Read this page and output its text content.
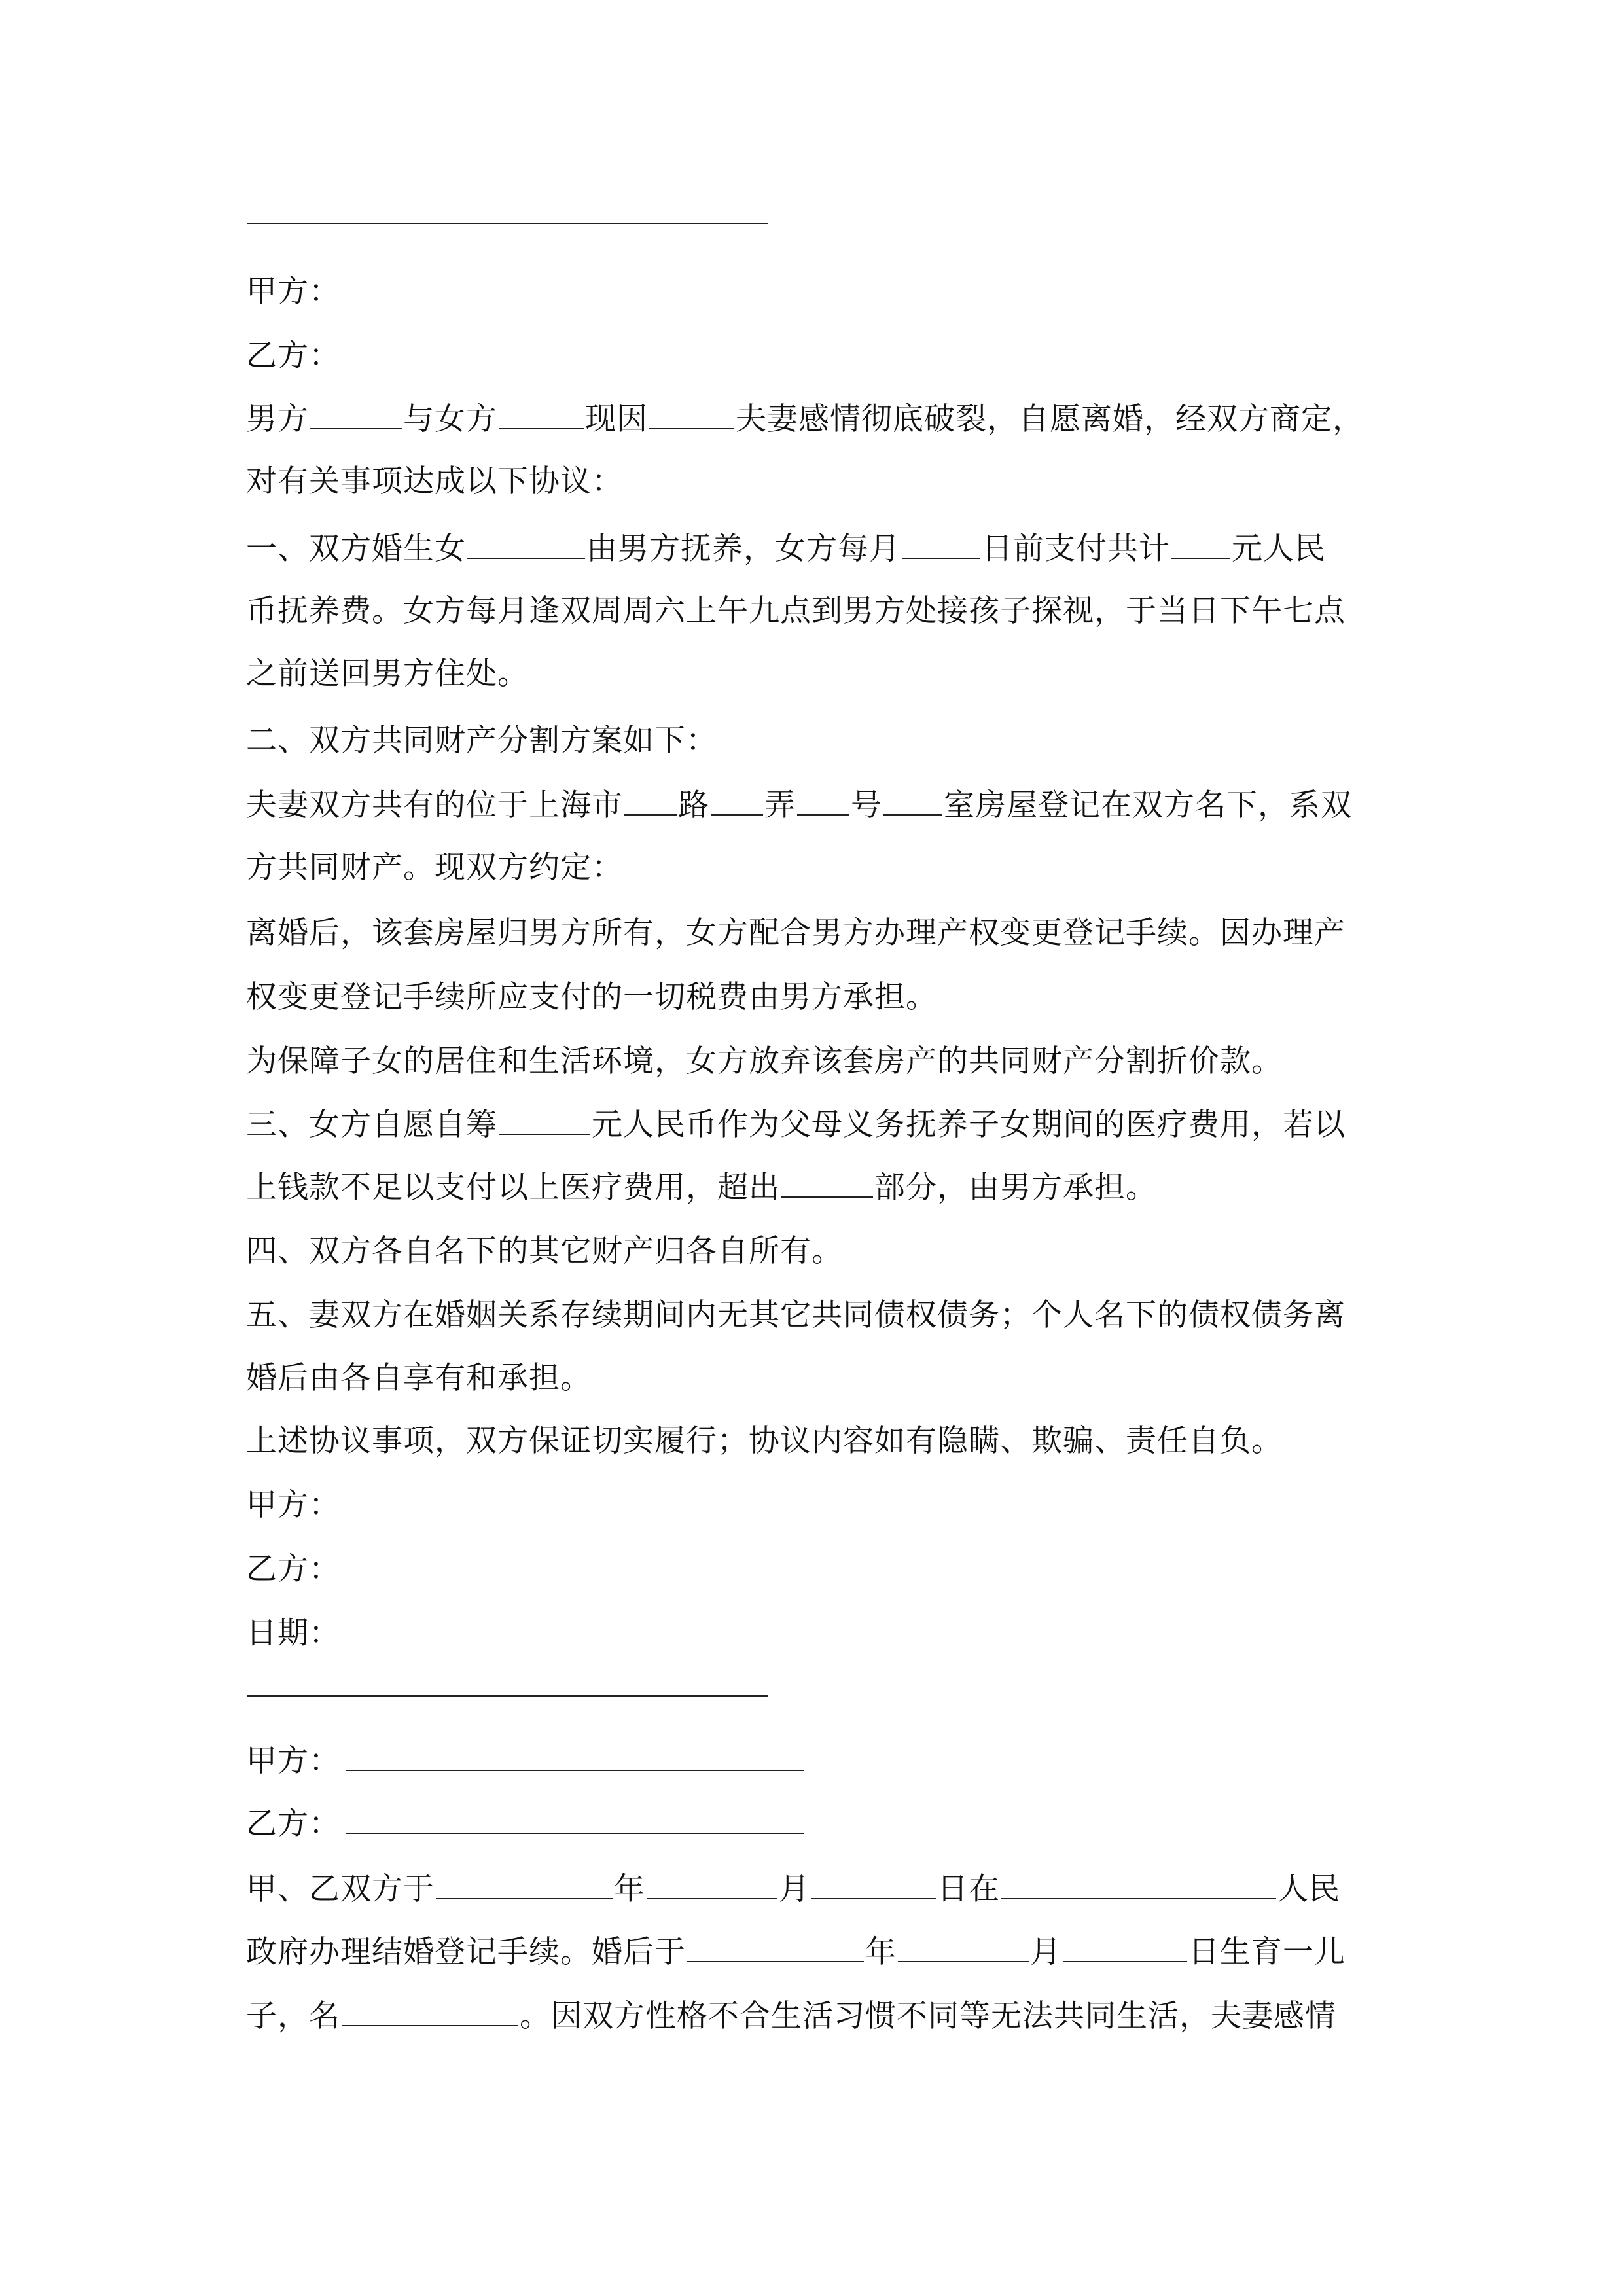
甲方：
乙方：
男方	与女方	现因	夫妻感情彻底破裂，自愿离婚，经双方商定，
对有关事项达成以下协议：
一、双方婚生女	由男方抚养，女方每月	日前支付共计 元人民
币抚养费。女方每月逢双周周六上午九点到男方处接孩子探视，于当日下午七点
之前送回男方住处。
二、双方共同财产分割方案如下：
夫妻双方共有的位于上海市 路 弄 号 室房屋登记在双方名下，系双
方共同财产。现双方约定：
离婚后，该套房屋归男方所有，女方配合男方办理产权变更登记手续。因办理产
权变更登记手续所应支付的一切税费由男方承担。
为保障子女的居住和生活环境，女方放弃该套房产的共同财产分割折价款。
三、女方自愿自筹	元人民币作为父母义务抚养子女期间的医疗费用，若以
上钱款不足以支付以上医疗费用，超出	部分，由男方承担。
四、双方各自名下的其它财产归各自所有。
五、妻双方在婚姻关系存续期间内无其它共同债权债务；个人名下的债权债务离
婚后由各自享有和承担。
上述协议事项，双方保证切实履行；协议内容如有隐瞒、欺骗、责任自负。
甲方：
乙方：
日期：
甲方：
乙方：
甲、乙双方于	年	月	日在	人民
政府办理结婚登记手续。婚后于	年	月	日生育一儿
子，名	。因双方性格不合生活习惯不同等无法共同生活，夫妻感情
